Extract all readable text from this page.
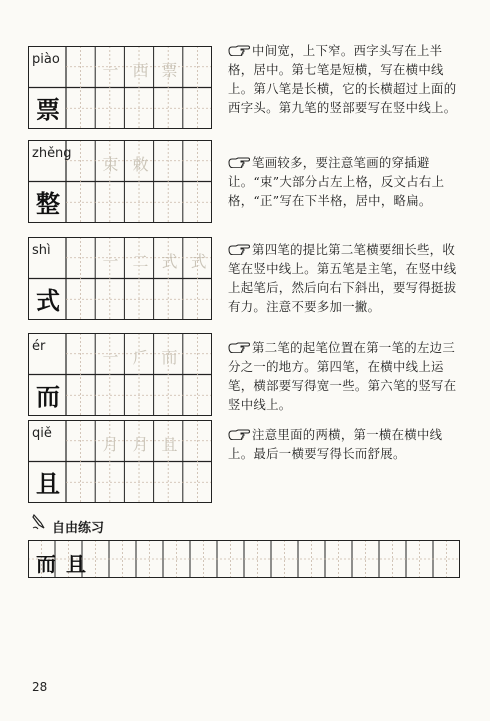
piào
票
一 西 票
zhěng
整
束 敕
shì
式
一 二 式 式
ér
而
一 𠂆 而
qiě
且
月 月 且
中间宽，上下窄。西字头写在上半格，居中。第七笔是短横，写在横中线上。第八笔是长横，它的长横超过上面的西字头。第九笔的竖部要写在竖中线上。
笔画较多，要注意笔画的穿插避让。“束”大部分占左上格，反文占右上格，“正”写在下半格，居中，略扁。
第四笔的提比第二笔横要细长些，收笔在竖中线上。第五笔是主笔，在竖中线上起笔后，然后向右下斜出，要写得挺拔有力。注意不要多加一撇。
第二笔的起笔位置在第一笔的左边三分之一的地方。第四笔，在横中线上运笔，横部要写得宽一些。第六笔的竖写在竖中线上。
注意里面的两横，第一横在横中线上。最后一横要写得长而舒展。
自由练习
而 且
28
